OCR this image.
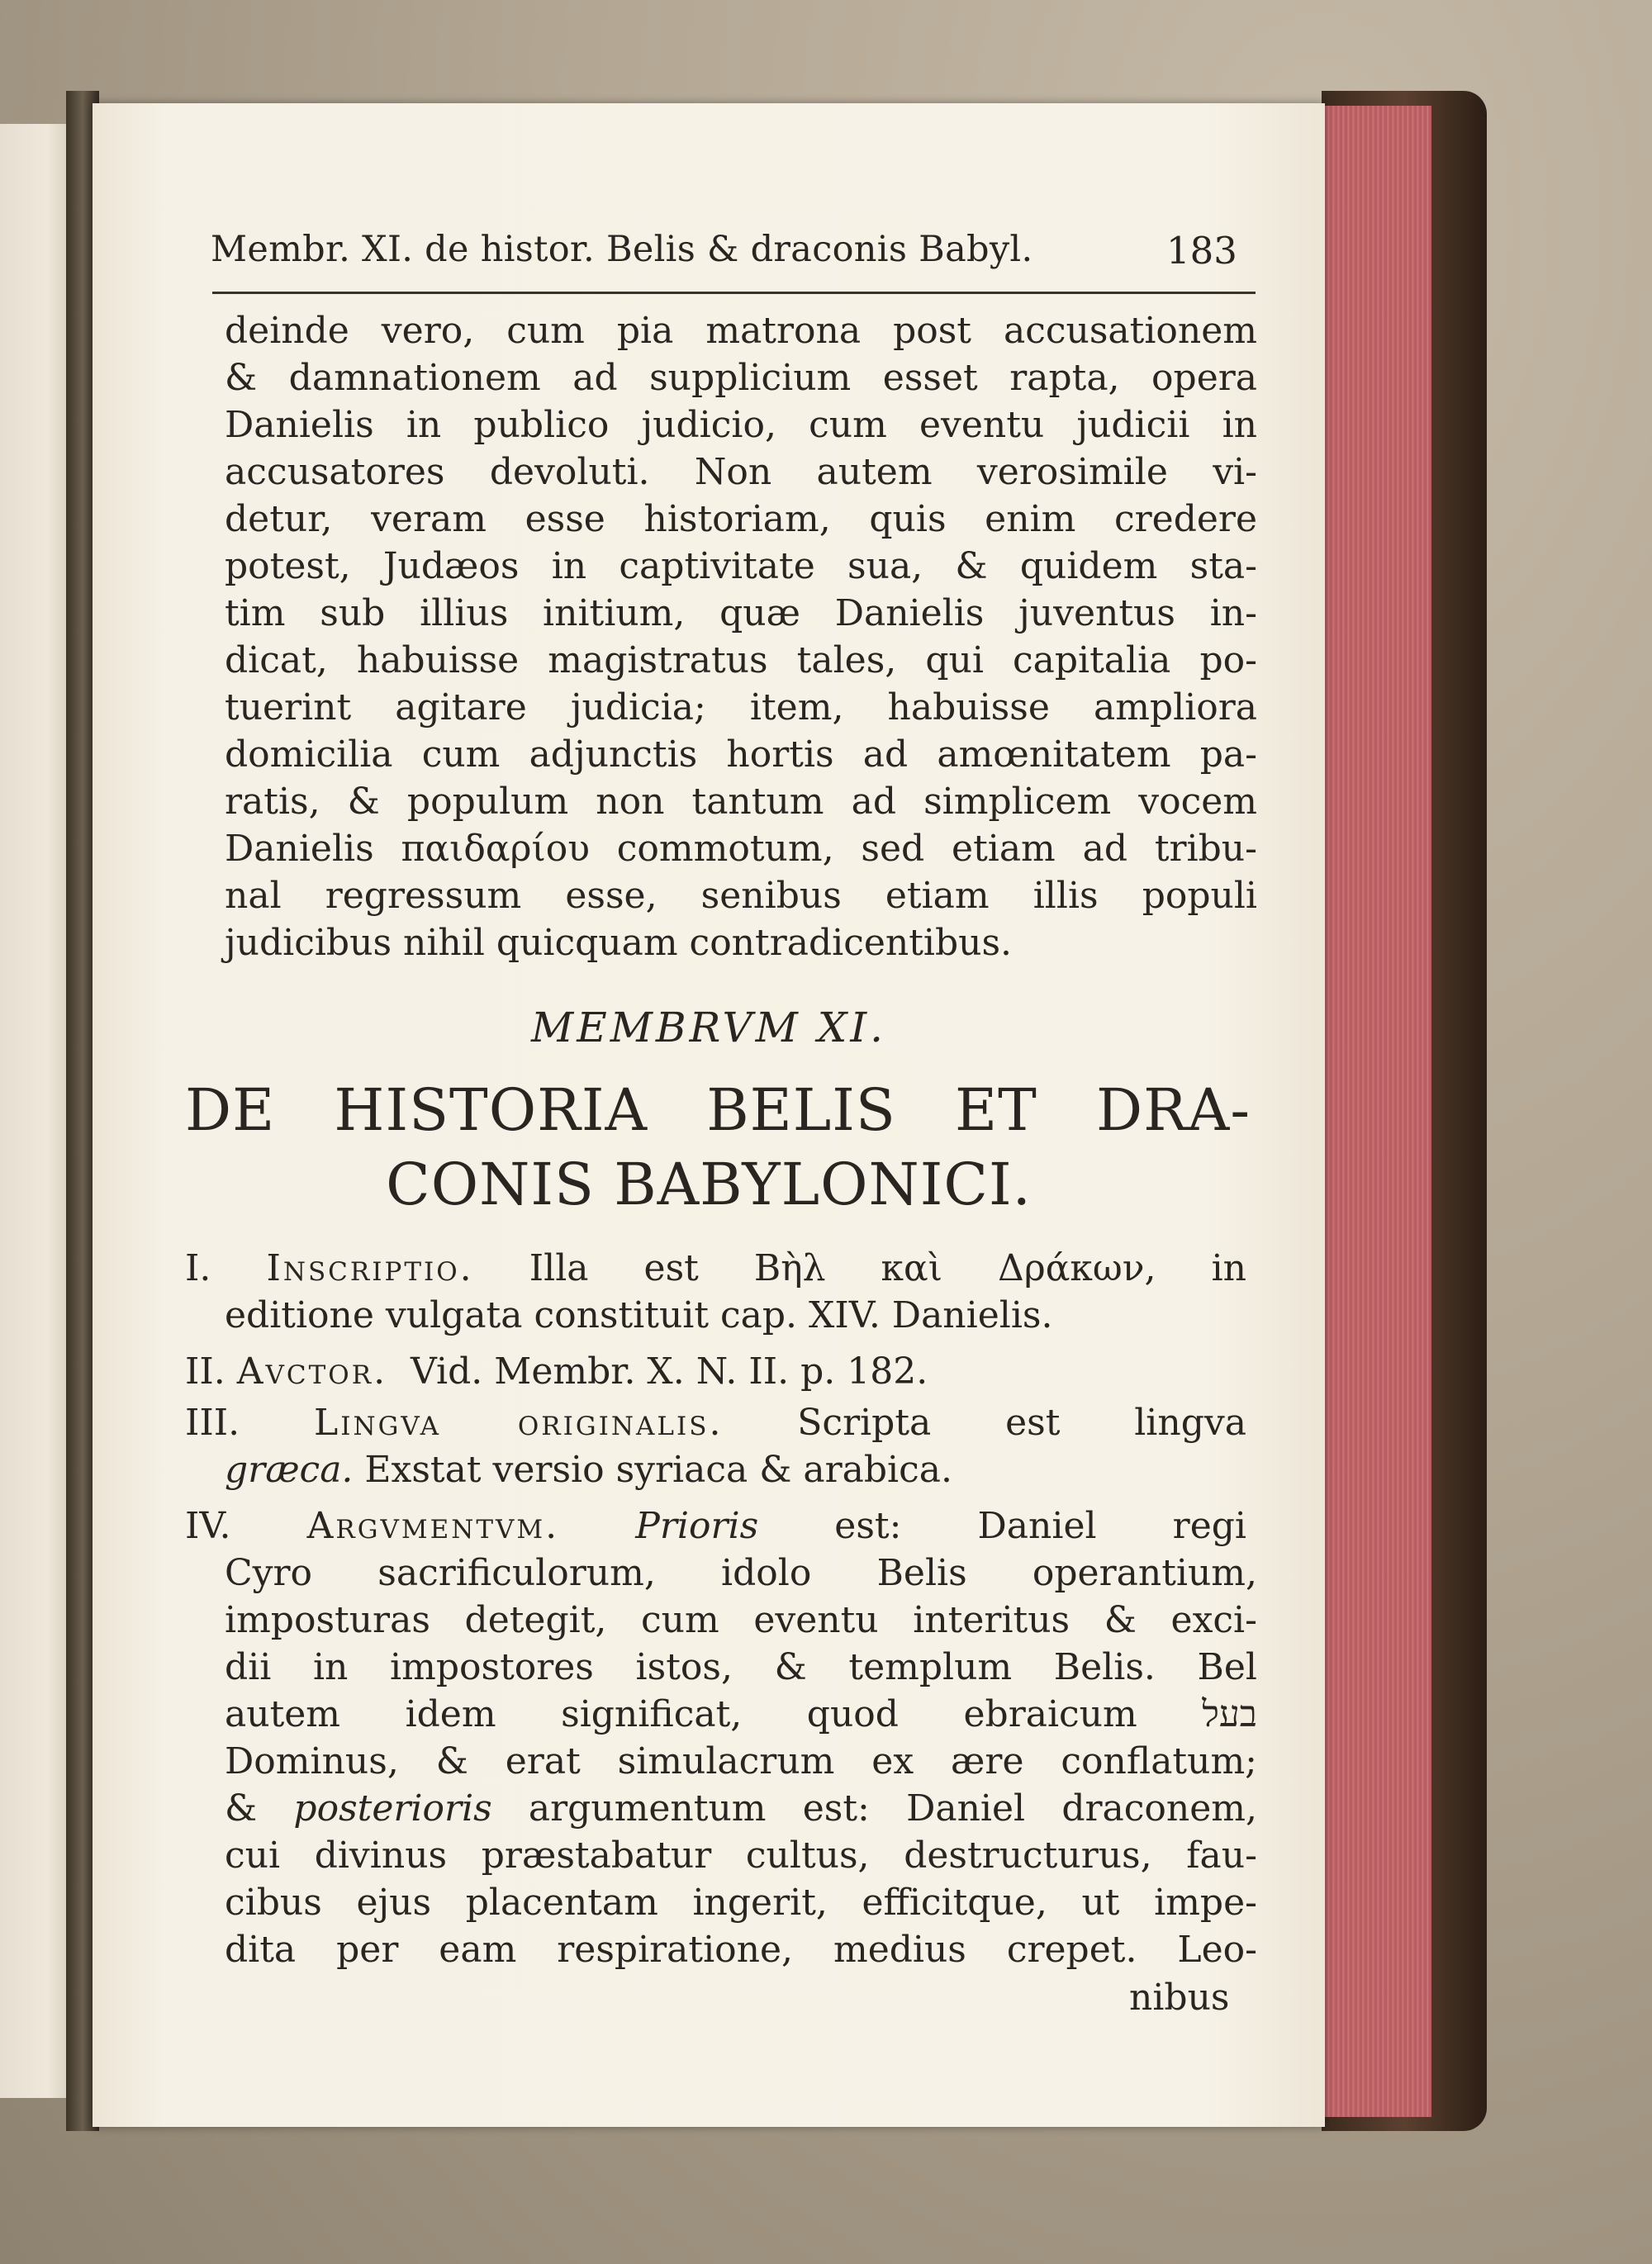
Membr. XI. de histor. Belis & draconis Babyl.	183
deinde vero, cum pia matrona post accusationem
& damnationem ad supplicium esset rapta, opera
Danielis in publico judicio, cum eventu judicii in
accusatores devoluti. Non autem verosimile vi-
detur, veram esse historiam, quis enim credere
potest, Judæos in captivitate sua, & quidem sta-
tim sub illius initium, quæ Danielis juventus in-
dicat, habuisse magistratus tales, qui capitalia po-
tuerint agitare judicia; item, habuisse ampliora
domicilia cum adjunctis hortis ad amœnitatem pa-
ratis, & populum non tantum ad simplicem vocem
Danielis παιδαρίου commotum, sed etiam ad tribu-
nal regressum esse, senibus etiam illis populi
judicibus nihil quicquam contradicentibus.
MEMBRVM XI.
DE HISTORIA BELIS ET DRA-
CONIS BABYLONICI.
I. Inscriptio. Illa est Βὴλ καὶ Δράκων, in
editione vulgata constituit cap. XIV. Danielis.
II. Avctor. Vid. Membr. X. N. II. p. 182.
III. Lingva originalis. Scripta est lingva
græca. Exstat versio syriaca & arabica.
IV. Argvmentvm. Prioris est: Daniel regi
Cyro sacrificulorum, idolo Belis operantium,
imposturas detegit, cum eventu interitus & exci-
dii in impostores istos, & templum Belis. Bel
autem idem significat, quod ebraicum בעל
Dominus, & erat simulacrum ex ære conflatum;
& posterioris argumentum est: Daniel draconem,
cui divinus præstabatur cultus, destructurus, fau-
cibus ejus placentam ingerit, efficitque, ut impe-
dita per eam respiratione, medius crepet. Leo-
nibus
